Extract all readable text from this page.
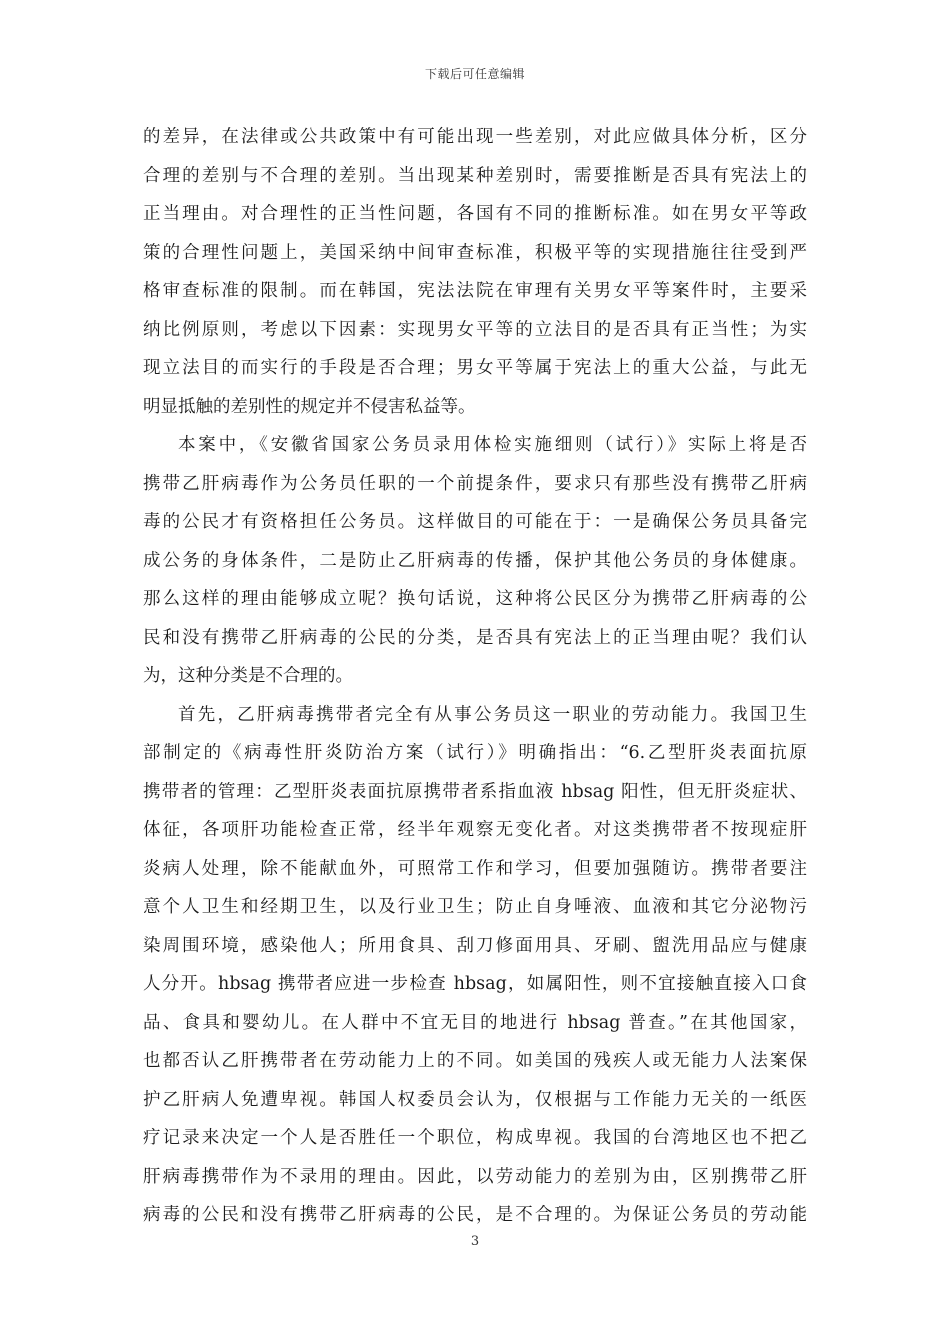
下载后可任意编辑
的差异，在法律或公共政策中有可能出现一些差别，对此应做具体分析，区分
合理的差别与不合理的差别。当出现某种差别时，需要推断是否具有宪法上的
正当理由。对合理性的正当性问题，各国有不同的推断标准。如在男女平等政
策的合理性问题上，美国采纳中间审查标准，积极平等的实现措施往往受到严
格审查标准的限制。而在韩国，宪法法院在审理有关男女平等案件时，主要采
纳比例原则，考虑以下因素：实现男女平等的立法目的是否具有正当性；为实
现立法目的而实行的手段是否合理；男女平等属于宪法上的重大公益，与此无
明显抵触的差别性的规定并不侵害私益等。
本案中，《安徽省国家公务员录用体检实施细则（试行）》实际上将是否
携带乙肝病毒作为公务员任职的一个前提条件，要求只有那些没有携带乙肝病
毒的公民才有资格担任公务员。这样做目的可能在于：一是确保公务员具备完
成公务的身体条件，二是防止乙肝病毒的传播，保护其他公务员的身体健康。
那么这样的理由能够成立呢？换句话说，这种将公民区分为携带乙肝病毒的公
民和没有携带乙肝病毒的公民的分类，是否具有宪法上的正当理由呢？我们认
为，这种分类是不合理的。
首先，乙肝病毒携带者完全有从事公务员这一职业的劳动能力。我国卫生
部制定的《病毒性肝炎防治方案（试行）》明确指出：“6.乙型肝炎表面抗原
携带者的管理：乙型肝炎表面抗原携带者系指血液 hbsag 阳性，但无肝炎症状、
体征，各项肝功能检查正常，经半年观察无变化者。对这类携带者不按现症肝
炎病人处理，除不能献血外，可照常工作和学习，但要加强随访。携带者要注
意个人卫生和经期卫生，以及行业卫生；防止自身唾液、血液和其它分泌物污
染周围环境，感染他人；所用食具、刮刀修面用具、牙刷、盥洗用品应与健康
人分开。hbsag 携带者应进一步检查 hbsag，如属阳性，则不宜接触直接入口食
品、食具和婴幼儿。在人群中不宜无目的地进行 hbsag 普查。”在其他国家，
也都否认乙肝携带者在劳动能力上的不同。如美国的残疾人或无能力人法案保
护乙肝病人免遭卑视。韩国人权委员会认为，仅根据与工作能力无关的一纸医
疗记录来决定一个人是否胜任一个职位，构成卑视。我国的台湾地区也不把乙
肝病毒携带作为不录用的理由。因此，以劳动能力的差别为由，区别携带乙肝
病毒的公民和没有携带乙肝病毒的公民，是不合理的。为保证公务员的劳动能
3
